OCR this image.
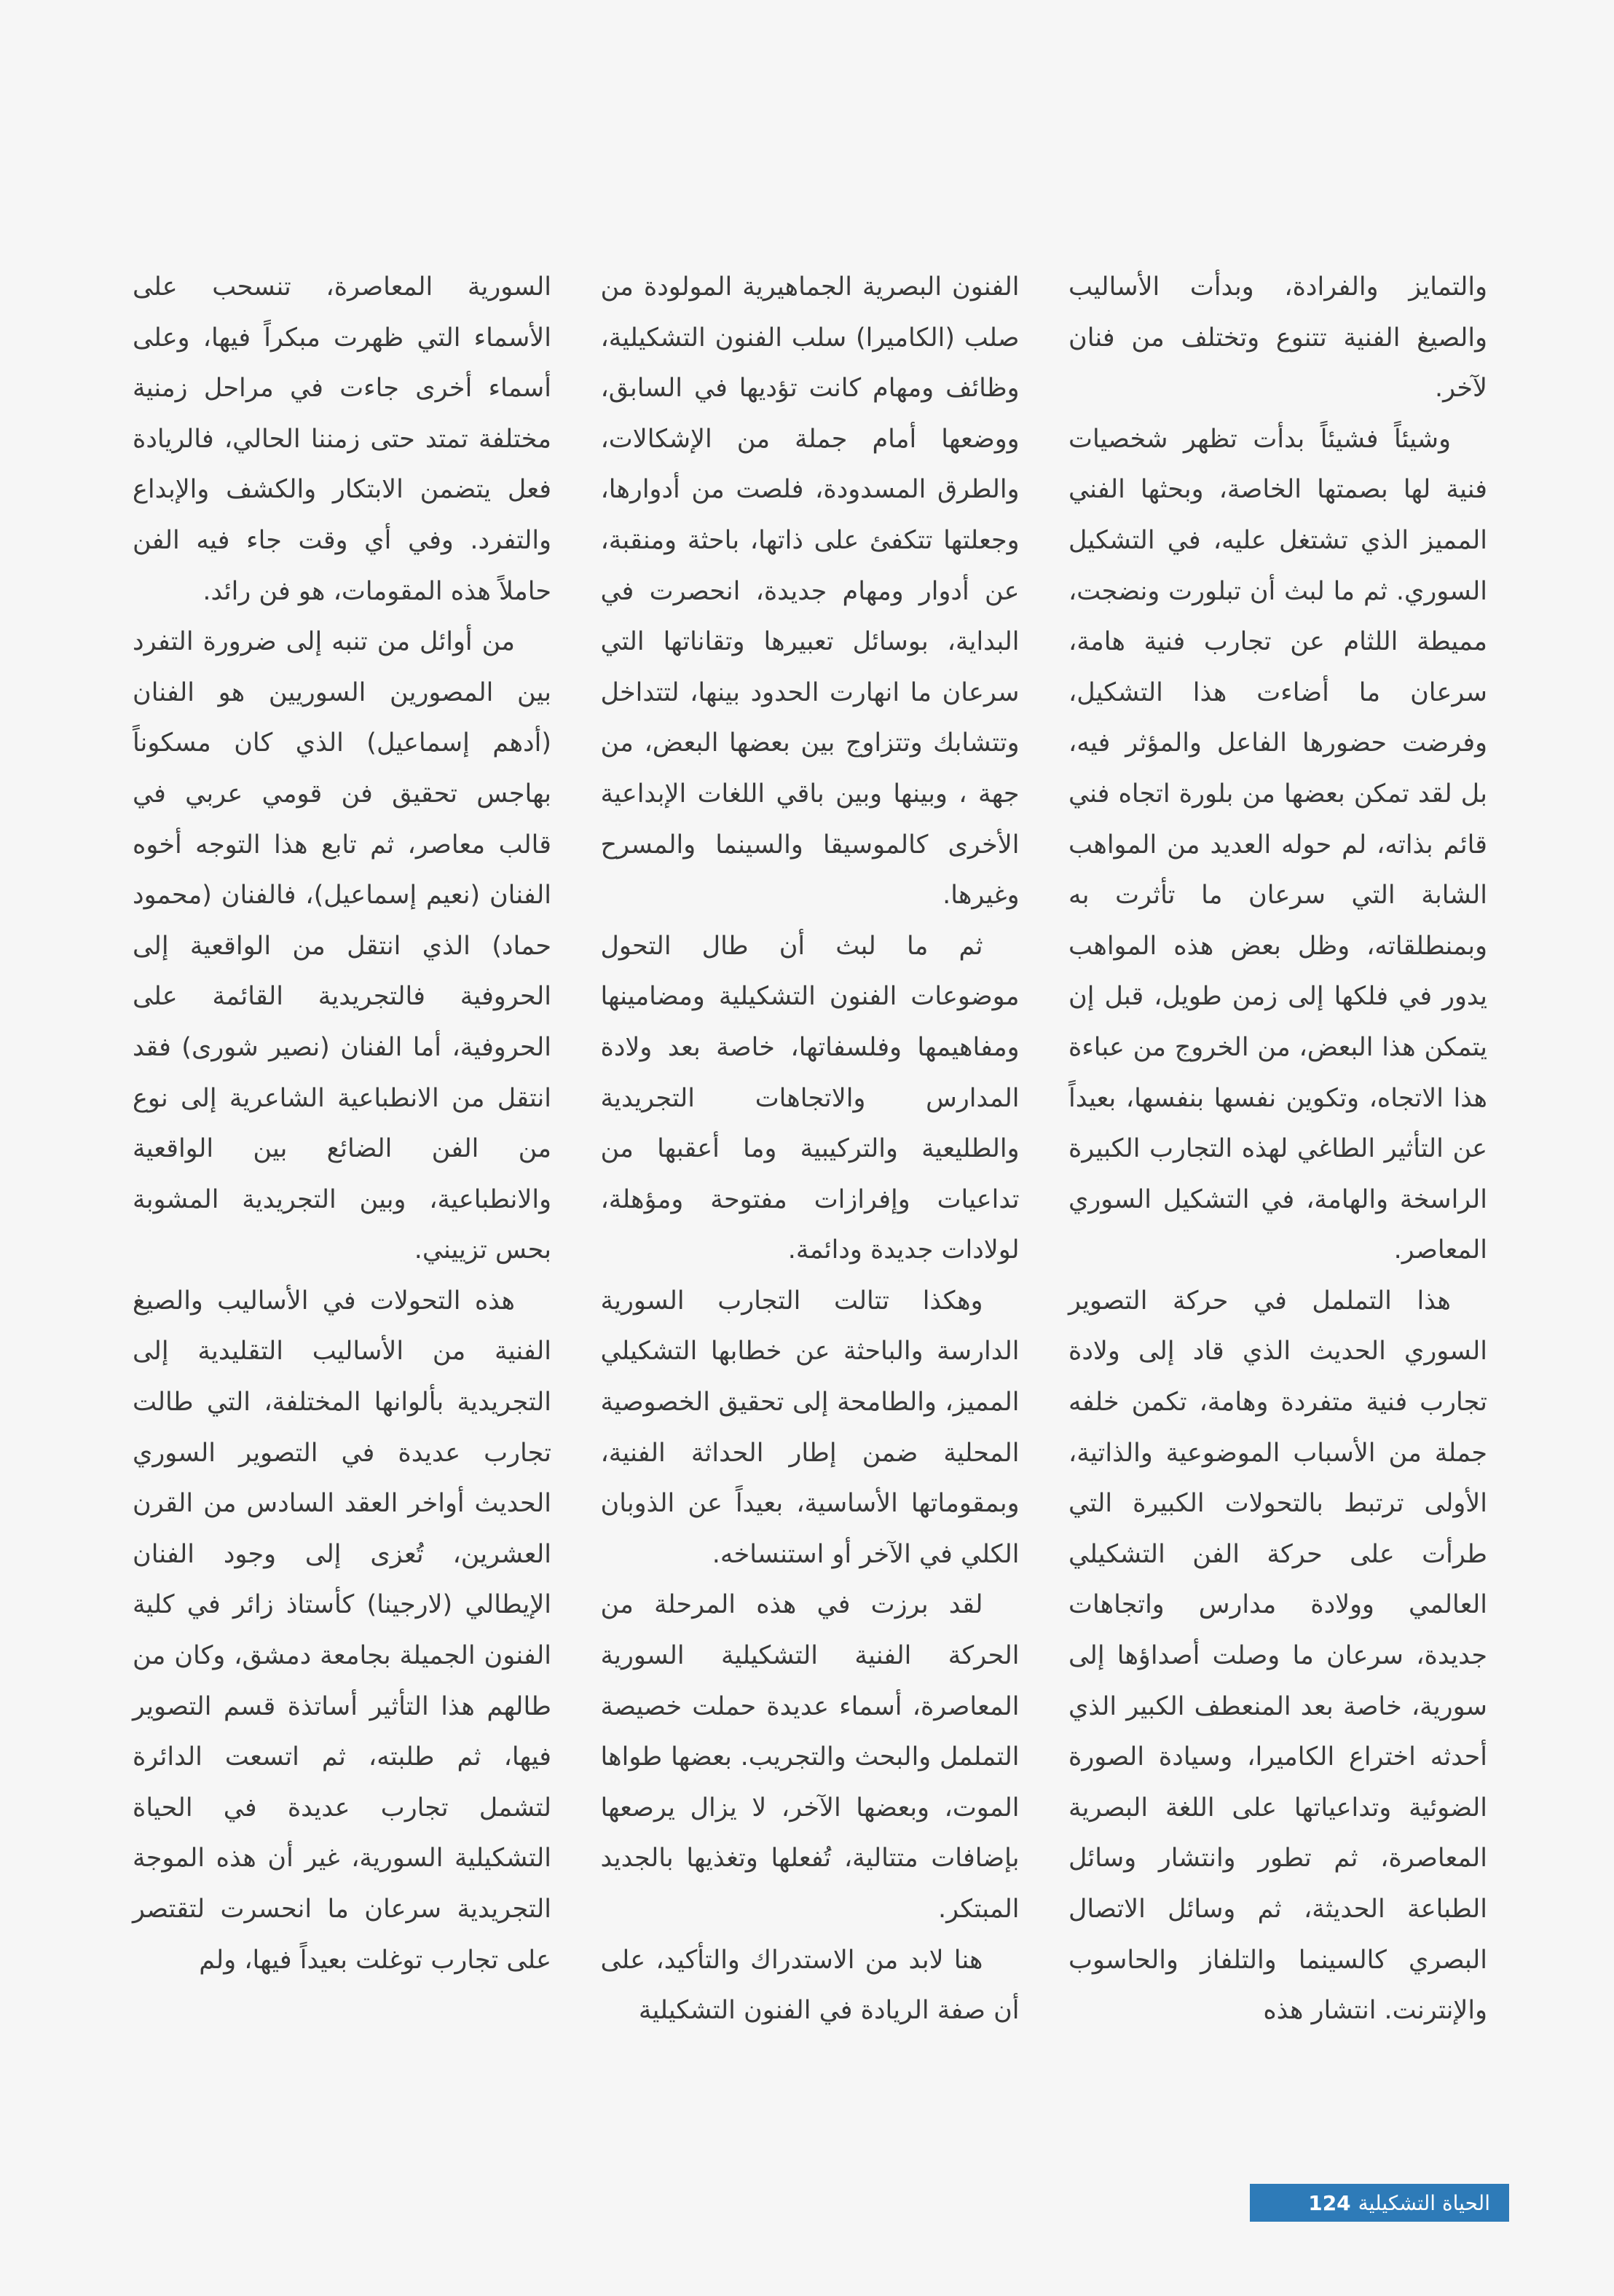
والتمايز والفرادة، وبدأت الأساليب والصيغ الفنية تتنوع وتختلف من فنان لآخر.

وشيئاً فشيئاً بدأت تظهر شخصيات فنية لها بصمتها الخاصة، وبحثها الفني المميز الذي تشتغل عليه، في التشكيل السوري. ثم ما لبث أن تبلورت ونضجت، مميطة اللثام عن تجارب فنية هامة، سرعان ما أضاءت هذا التشكيل، وفرضت حضورها الفاعل والمؤثر فيه، بل لقد تمكن بعضها من بلورة اتجاه فني قائم بذاته، لم حوله العديد من المواهب الشابة التي سرعان ما تأثرت به وبمنطلقاته، وظل بعض هذه المواهب يدور في فلكها إلى زمن طويل، قبل إن يتمكن هذا البعض، من الخروج من عباءة هذا الاتجاه، وتكوين نفسها بنفسها، بعيداً عن التأثير الطاغي لهذه التجارب الكبيرة الراسخة والهامة، في التشكيل السوري المعاصر.

هذا التململ في حركة التصوير السوري الحديث الذي قاد إلى ولادة تجارب فنية متفردة وهامة، تكمن خلفه جملة من الأسباب الموضوعية والذاتية، الأولى ترتبط بالتحولات الكبيرة التي طرأت على حركة الفن التشكيلي العالمي وولادة مدارس واتجاهات جديدة، سرعان ما وصلت أصداؤها إلى سورية، خاصة بعد المنعطف الكبير الذي أحدثه اختراع الكاميرا، وسيادة الصورة الضوئية وتداعياتها على اللغة البصرية المعاصرة، ثم تطور وانتشار وسائل الطباعة الحديثة، ثم وسائل الاتصال البصري كالسينما والتلفاز والحاسوب والإنترنت. انتشار هذه

الفنون البصرية الجماهيرية المولودة من صلب (الكاميرا) سلب الفنون التشكيلية، وظائف ومهام كانت تؤديها في السابق، ووضعها أمام جملة من الإشكالات، والطرق المسدودة، فلصت من أدوارها، وجعلتها تتكفئ على ذاتها، باحثة ومنقبة، عن أدوار ومهام جديدة، انحصرت في البداية، بوسائل تعبيرها وتقاناتها التي سرعان ما انهارت الحدود بينها، لتتداخل وتتشابك وتتزاوج بين بعضها البعض، من جهة ، وبينها وبين باقي اللغات الإبداعية الأخرى كالموسيقا والسينما والمسرح وغيرها.

ثم ما لبث أن طال التحول موضوعات الفنون التشكيلية ومضامينها ومفاهيمها وفلسفاتها، خاصة بعد ولادة المدارس والاتجاهات التجريدية والطليعية والتركيبية وما أعقبها من تداعيات وإفرازات مفتوحة ومؤهلة، لولادات جديدة ودائمة.

وهكذا تتالت التجارب السورية الدارسة والباحثة عن خطابها التشكيلي المميز، والطامحة إلى تحقيق الخصوصية المحلية ضمن إطار الحداثة الفنية، وبمقوماتها الأساسية، بعيداً عن الذوبان الكلي في الآخر أو استنساخه.

لقد برزت في هذه المرحلة من الحركة الفنية التشكيلية السورية المعاصرة، أسماء عديدة حملت خصيصة التململ والبحث والتجريب. بعضها طواها الموت، وبعضها الآخر، لا يزال يرصعها بإضافات متتالية، تُفعلها وتغذيها بالجديد المبتكر.

هنا لابد من الاستدراك والتأكيد، على أن صفة الريادة في الفنون التشكيلية

السورية المعاصرة، تنسحب على الأسماء التي ظهرت مبكراً فيها، وعلى أسماء أخرى جاءت في مراحل زمنية مختلفة تمتد حتى زمننا الحالي، فالريادة فعل يتضمن الابتكار والكشف والإبداع والتفرد. وفي أي وقت جاء فيه الفن حاملاً هذه المقومات، هو فن رائد.

من أوائل من تنبه إلى ضرورة التفرد بين المصورين السوريين هو الفنان (أدهم إسماعيل) الذي كان مسكوناً بهاجس تحقيق فن قومي عربي في قالب معاصر، ثم تابع هذا التوجه أخوه الفنان (نعيم إسماعيل)، فالفنان (محمود حماد) الذي انتقل من الواقعية إلى الحروفية فالتجريدية القائمة على الحروفية، أما الفنان (نصير شورى) فقد انتقل من الانطباعية الشاعرية إلى نوع من الفن الضائع بين الواقعية والانطباعية، وبين التجريدية المشوبة بحس تزييني.

هذه التحولات في الأساليب والصيغ الفنية من الأساليب التقليدية إلى التجريدية بألوانها المختلفة، التي طالت تجارب عديدة في التصوير السوري الحديث أواخر العقد السادس من القرن العشرين، تُعزى إلى وجود الفنان الإيطالي (لارجينا) كأستاذ زائر في كلية الفنون الجميلة بجامعة دمشق، وكان من طالهم هذا التأثير أساتذة قسم التصوير فيها، ثم طلبته، ثم اتسعت الدائرة لتشمل تجارب عديدة في الحياة التشكيلية السورية، غير أن هذه الموجة التجريدية سرعان ما انحسرت لتقتصر على تجارب توغلت بعيداً فيها، ولم

124 الحياة التشكيلية
